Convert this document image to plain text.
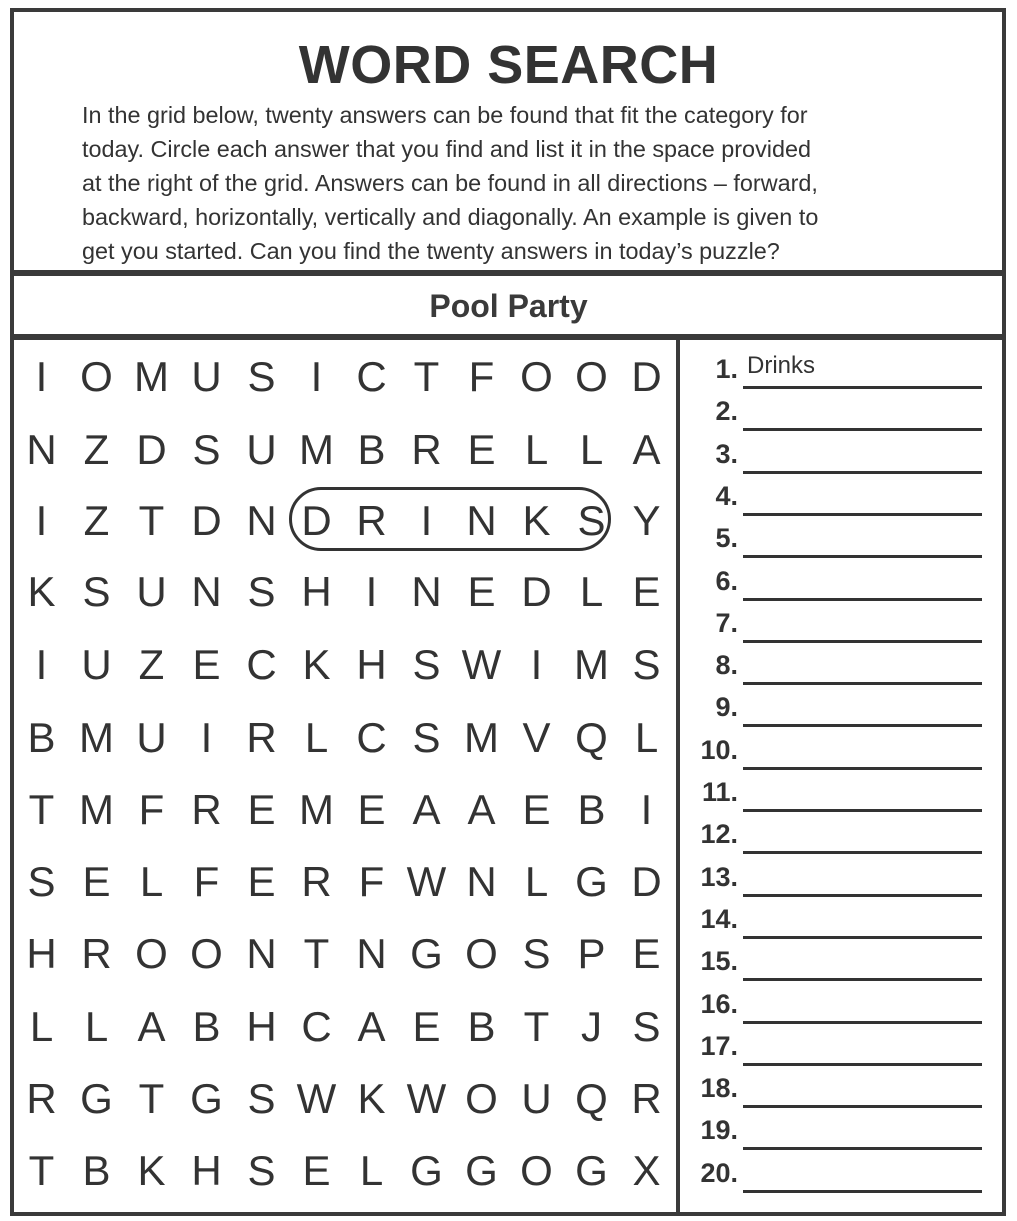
WORD SEARCH
In the grid below, twenty answers can be found that fit the category for
today. Circle each answer that you find and list it in the space provided
at the right of the grid. Answers can be found in all directions – forward,
backward, horizontally, vertically and diagonally. An example is given to
get you started. Can you find the twenty answers in today’s puzzle?
Pool Party
I O M U S I C T F O O D
N Z D S U M B R E L L A
I Z T D N D R I N K S Y
K S U N S H I N E D L E
I U Z E C K H S W I M S
B M U I R L C S M V Q L
T M F R E M E A A E B I
S E L F E R F W N L G D
H R O O N T N G O S P E
L L A B H C A E B T J S
R G T G S W K W O U Q R
T B K H S E L G G O G X
1. Drinks
2.
3.
4.
5.
6.
7.
8.
9.
10.
11.
12.
13.
14.
15.
16.
17.
18.
19.
20.
